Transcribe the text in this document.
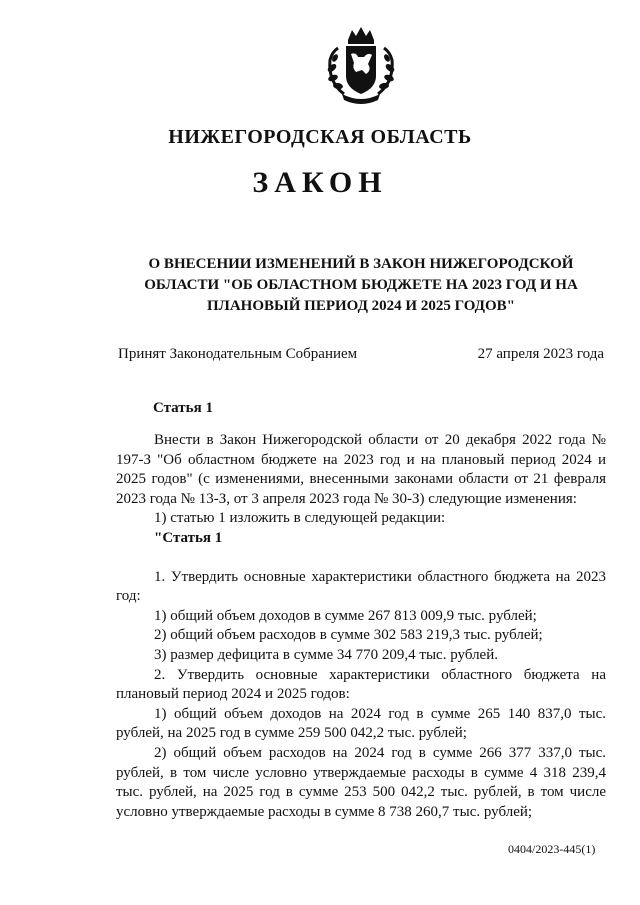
НИЖЕГОРОДСКАЯ ОБЛАСТЬ
ЗАКОН
О ВНЕСЕНИИ ИЗМЕНЕНИЙ В ЗАКОН НИЖЕГОРОДСКОЙ ОБЛАСТИ "ОБ ОБЛАСТНОМ БЮДЖЕТЕ НА 2023 ГОД И НА ПЛАНОВЫЙ ПЕРИОД 2024 И 2025 ГОДОВ"
Принят Законодательным Собранием	27 апреля 2023 года
Статья 1

Внести в Закон Нижегородской области от 20 декабря 2022 года № 197-З "Об областном бюджете на 2023 год и на плановый период 2024 и 2025 годов" (с изменениями, внесенными законами области от 21 февраля 2023 года № 13-З, от 3 апреля 2023 года № 30-З) следующие изменения:

1) статью 1 изложить в следующей редакции:

"Статья 1

1. Утвердить основные характеристики областного бюджета на 2023 год:

1) общий объем доходов в сумме 267 813 009,9 тыс. рублей;

2) общий объем расходов в сумме 302 583 219,3 тыс. рублей;

3) размер дефицита в сумме 34 770 209,4 тыс. рублей.

2. Утвердить основные характеристики областного бюджета на плановый период 2024 и 2025 годов:

1) общий объем доходов на 2024 год в сумме 265 140 837,0 тыс. рублей, на 2025 год в сумме 259 500 042,2 тыс. рублей;

2) общий объем расходов на 2024 год в сумме 266 377 337,0 тыс. рублей, в том числе условно утверждаемые расходы в сумме 4 318 239,4 тыс. рублей, на 2025 год в сумме 253 500 042,2 тыс. рублей, в том числе условно утверждаемые расходы в сумме 8 738 260,7 тыс. рублей;

0404/2023-445(1)
